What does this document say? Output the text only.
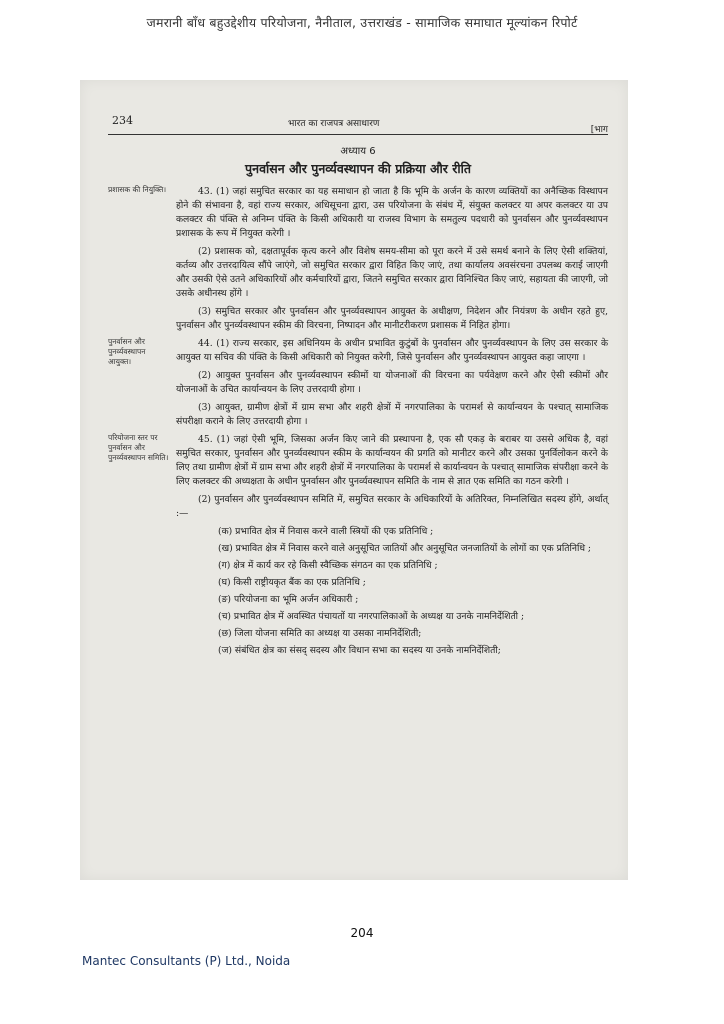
जमरानी बाँध बहुउद्देशीय परियोजना, नैनीताल, उत्तराखंड - सामाजिक समाघात मूल्यांकन रिपोर्ट
234	भारत का राजपत्र असाधारण
[भाग
अध्याय 6
पुनर्वासन और पुनर्व्यवस्थापन की प्रक्रिया और रीति
प्रशासक की नियुक्ति।	43. (1) जहां समुचित सरकार का यह समाधान हो जाता है कि भूमि के अर्जन के कारण व्यक्तियों का अनैच्छिक विस्थापन होने की संभावना है, वहां राज्य सरकार, अधिसूचना द्वारा, उस परियोजना के संबंध में, संयुक्त कलक्टर या अपर कलक्टर या उप कलक्टर की पंक्ति से अनिम्न पंक्ति के किसी अधिकारी या राजस्व विभाग के समतुल्य पदधारी को पुनर्वासन और पुनर्व्यवस्थापन प्रशासक के रूप में नियुक्त करेगी ।

(2) प्रशासक को, दक्षतापूर्वक कृत्य करने और विशेष समय-सीमा को पूरा करने में उसे समर्थ बनाने के लिए ऐसी शक्तियां, कर्तव्य और उत्तरदायित्व सौंपे जाएंगे, जो समुचित सरकार द्वारा विहित किए जाएं, तथा कार्यालय अवसंरचना उपलब्ध कराई जाएगी और उसकी ऐसे उतने अधिकारियों और कर्मचारियों द्वारा, जितने समुचित सरकार द्वारा विनिश्चित किए जाएं, सहायता की जाएगी, जो उसके अधीनस्थ होंगे ।

(3) समुचित सरकार और पुनर्वासन और पुनर्व्यवस्थापन आयुक्त के अधीक्षण, निदेशन और नियंत्रण के अधीन रहते हुए, पुनर्वासन और पुनर्व्यवस्थापन स्कीम की विरचना, निष्पादन और मानीटरीकरण प्रशासक में निहित होगा।

पुनर्वासन और पुनर्व्यवस्थापन आयुक्त।

44. (1) राज्य सरकार, इस अधिनियम के अधीन प्रभावित कुटुंबों के पुनर्वासन और पुनर्व्यवस्थापन के लिए उस सरकार के आयुक्त या सचिव की पंक्ति के किसी अधिकारी को नियुक्त करेगी, जिसे पुनर्वासन और पुनर्व्यवस्थापन आयुक्त कहा जाएगा ।

(2) आयुक्त पुनर्वासन और पुनर्व्यवस्थापन स्कीमों या योजनाओं की विरचना का पर्यवेक्षण करने और ऐसी स्कीमों और योजनाओं के उचित कार्यान्वयन के लिए उत्तरदायी होगा ।

(3) आयुक्त, ग्रामीण क्षेत्रों में ग्राम सभा और शहरी क्षेत्रों में नगरपालिका के परामर्श से कार्यान्वयन के पश्चात् सामाजिक संपरीक्षा कराने के लिए उत्तरदायी होगा ।

परियोजना स्तर पर पुनर्वासन और पुनर्व्यवस्थापन समिति।

45. (1) जहां ऐसी भूमि, जिसका अर्जन किए जाने की प्रस्थापना है, एक सौ एकड़ के बराबर या उससे अधिक है, वहां समुचित सरकार, पुनर्वासन और पुनर्व्यवस्थापन स्कीम के कार्यान्वयन की प्रगति को मानीटर करने और उसका पुनर्विलोकन करने के लिए तथा ग्रामीण क्षेत्रों में ग्राम सभा और शहरी क्षेत्रों में नगरपालिका के परामर्श से कार्यान्वयन के पश्चात् सामाजिक संपरीक्षा करने के लिए कलक्टर की अध्यक्षता के अधीन पुनर्वासन और पुनर्व्यवस्थापन समिति के नाम से ज्ञात एक समिति का गठन करेगी ।

(2) पुनर्वासन और पुनर्व्यवस्थापन समिति में, समुचित सरकार के अधिकारियों के अतिरिक्त, निम्नलिखित सदस्य होंगे, अर्थात् :—

(क) प्रभावित क्षेत्र में निवास करने वाली स्त्रियों की एक प्रतिनिधि ;

(ख) प्रभावित क्षेत्र में निवास करने वाले अनुसूचित जातियों और अनुसूचित जनजातियों के लोगों का एक प्रतिनिधि ;

(ग) क्षेत्र में कार्य कर रहे किसी स्वैच्छिक संगठन का एक प्रतिनिधि ;

(घ) किसी राष्ट्रीयकृत बैंक का एक प्रतिनिधि ;

(ङ) परियोजना का भूमि अर्जन अधिकारी ;

(च) प्रभावित क्षेत्र में अवस्थित पंचायतों या नगरपालिकाओं के अध्यक्ष या उनके नामनिर्देशिती ;

(छ) जिला योजना समिति का अध्यक्ष या उसका नामनिर्देशिती;

(ज) संबंधित क्षेत्र का संसद् सदस्य और विधान सभा का सदस्य या उनके नामनिर्देशिती;

204
Mantec Consultants (P) Ltd., Noida
